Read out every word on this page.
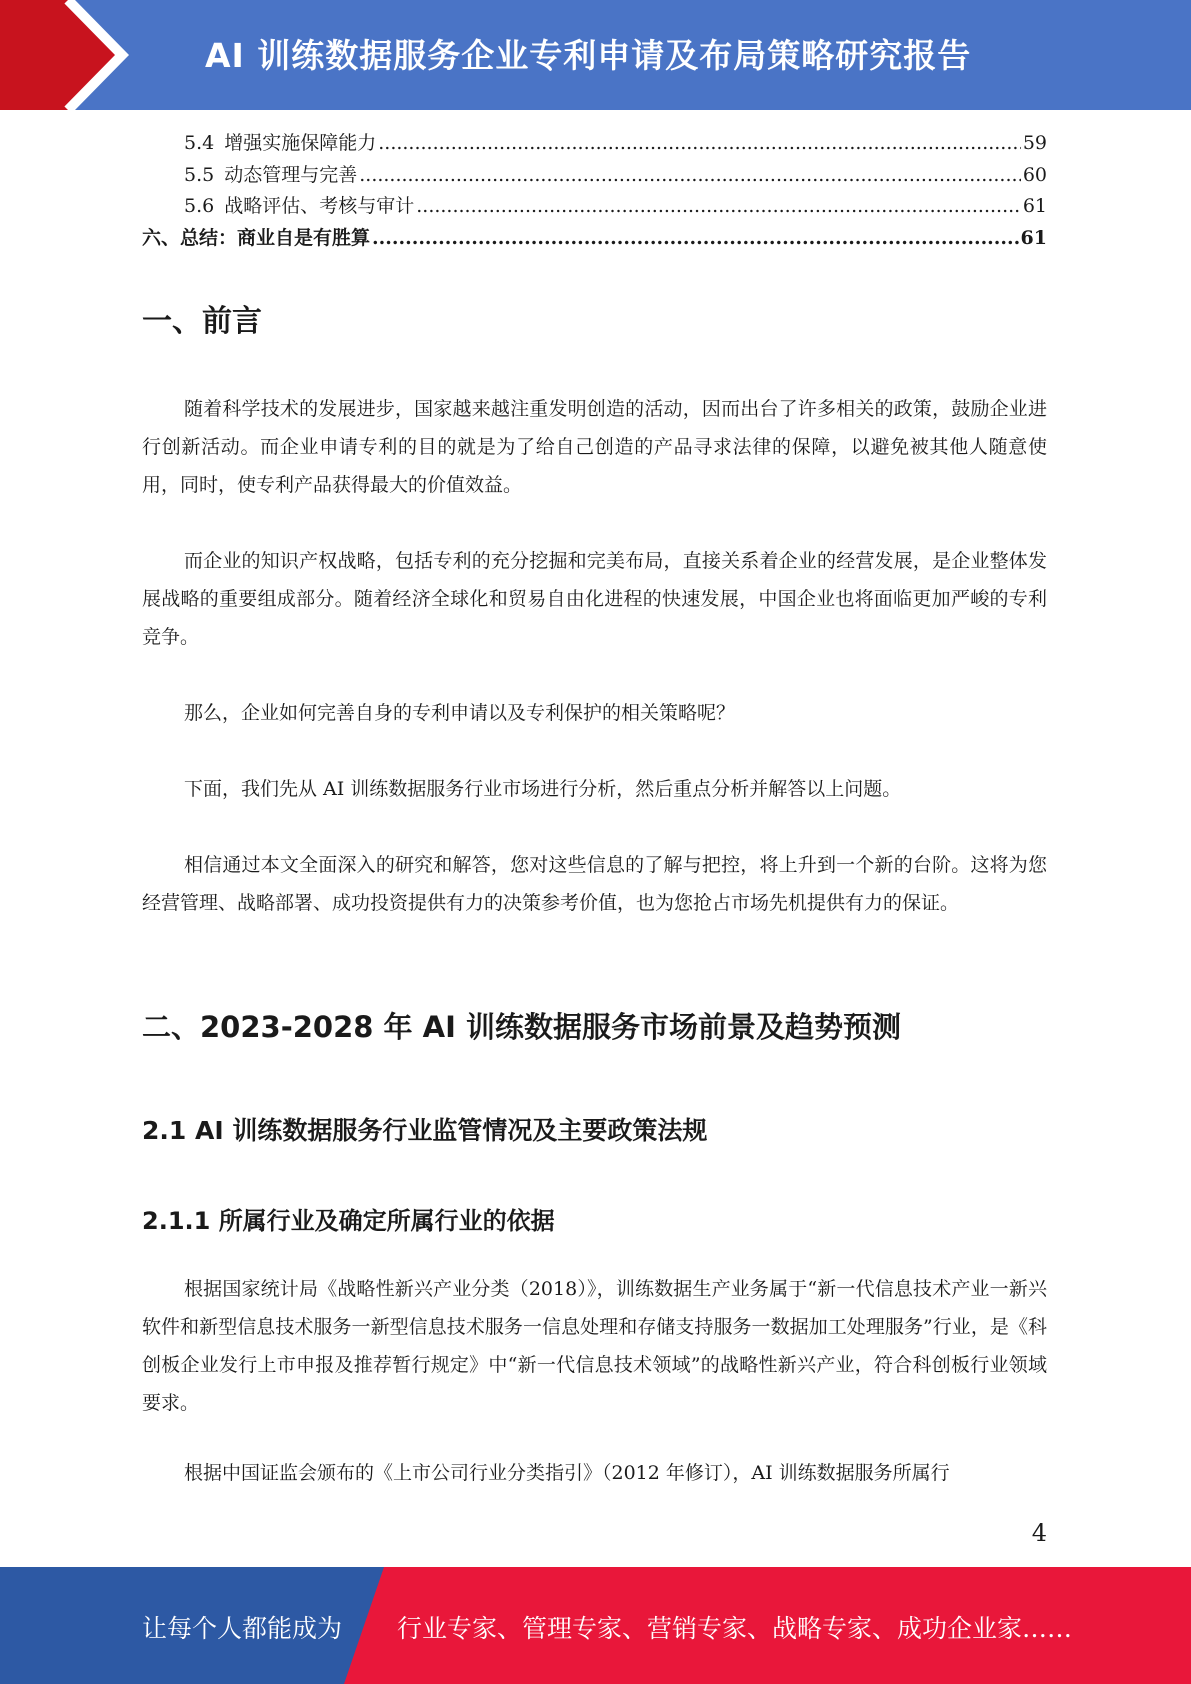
AI 训练数据服务企业专利申请及布局策略研究报告
5.4 增强实施保障能力 .....	59
5.5 动态管理与完善 .....	60
5.6 战略评估、考核与审计 .....	61
六、总结：商业自是有胜算 .....	61
一、前言

随着科学技术的发展进步，国家越来越注重发明创造的活动，因而出台了许多相关的政策，鼓励企业进行创新活动。而企业申请专利的目的就是为了给自己创造的产品寻求法律的保障，以避免被其他人随意使用，同时，使专利产品获得最大的价值效益。

而企业的知识产权战略，包括专利的充分挖掘和完美布局，直接关系着企业的经营发展，是企业整体发展战略的重要组成部分。随着经济全球化和贸易自由化进程的快速发展，中国企业也将面临更加严峻的专利竞争。

那么，企业如何完善自身的专利申请以及专利保护的相关策略呢？

下面，我们先从 AI 训练数据服务行业市场进行分析，然后重点分析并解答以上问题。

相信通过本文全面深入的研究和解答，您对这些信息的了解与把控，将上升到一个新的台阶。这将为您经营管理、战略部署、成功投资提供有力的决策参考价值，也为您抢占市场先机提供有力的保证。

二、2023-2028 年 AI 训练数据服务市场前景及趋势预测
2.1 AI 训练数据服务行业监管情况及主要政策法规
2.1.1 所属行业及确定所属行业的依据

根据国家统计局《战略性新兴产业分类（2018）》，训练数据生产业务属于“新一代信息技术产业一新兴软件和新型信息技术服务一新型信息技术服务一信息处理和存储支持服务一数据加工处理服务”行业，是《科创板企业发行上市申报及推荐暂行规定》中“新一代信息技术领域”的战略性新兴产业，符合科创板行业领域要求。

根据中国证监会颁布的《上市公司行业分类指引》（2012 年修订），AI 训练数据服务所属行

4
让每个人都能成为 行业专家、管理专家、营销专家、战略专家、成功企业家……
